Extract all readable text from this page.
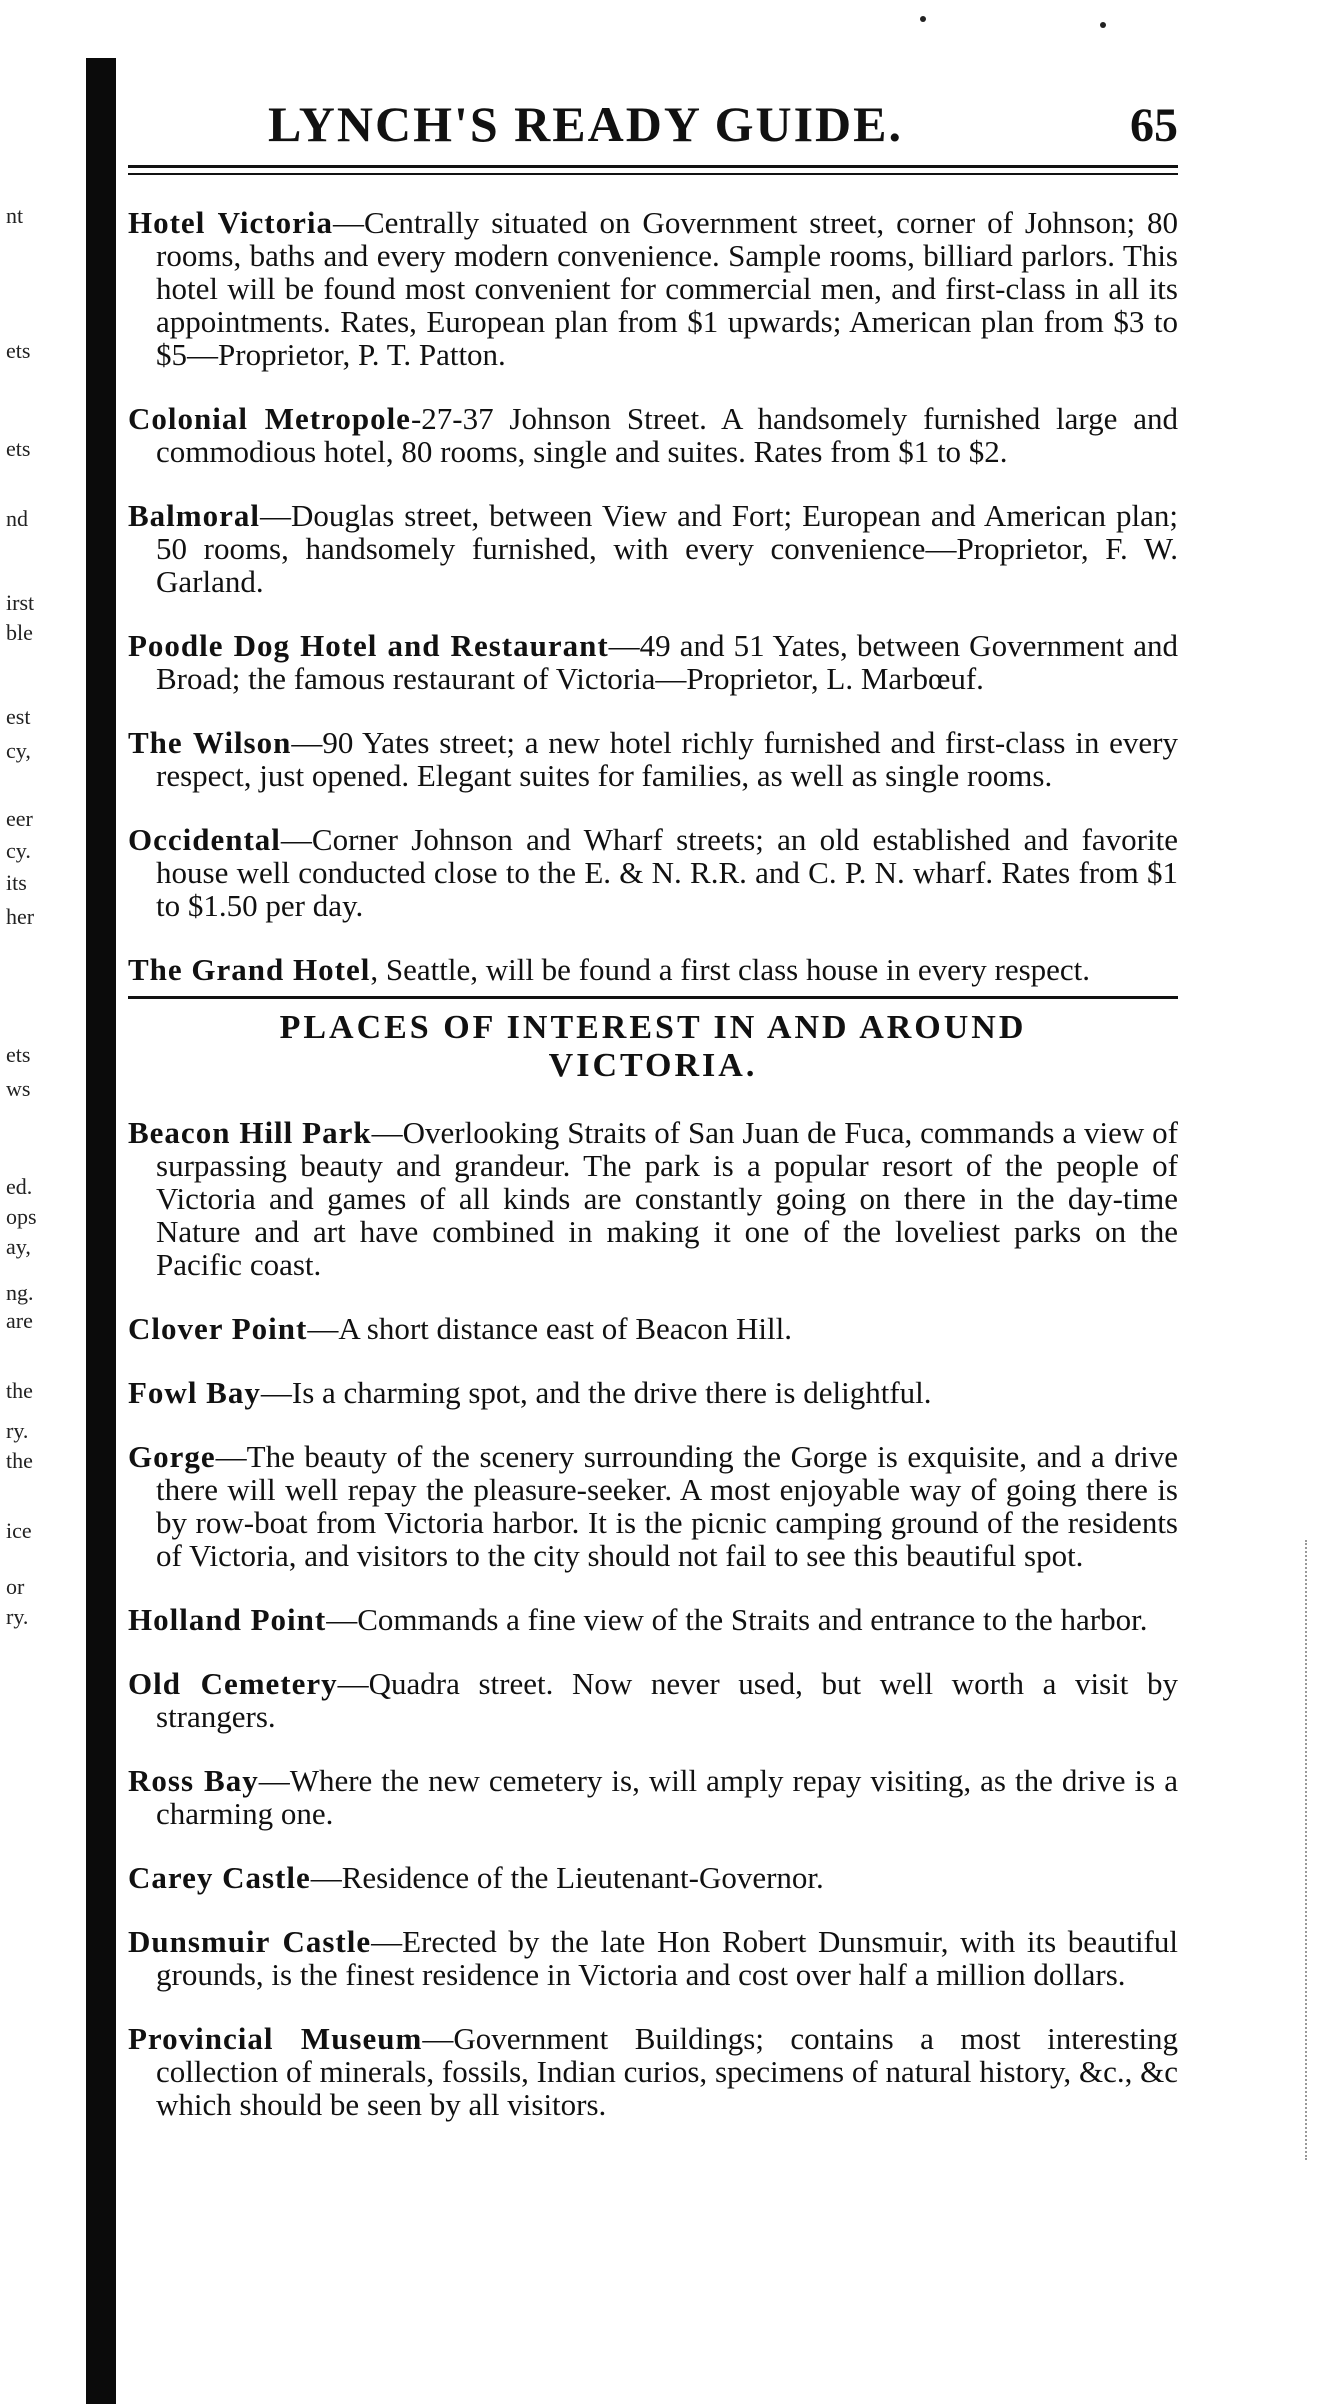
nt
ets
ets
nd
irst
ble
est
cy,
eer
cy.
its
her
ets
ws
ed.
ops
ay,
ng.
are
the
ry.
the
ice
or
ry.
LYNCH'S READY GUIDE.	65

Hotel Victoria—Centrally situated on Government street, corner of Johnson; 80 rooms, baths and every modern convenience. Sample rooms, billiard parlors. This hotel will be found most convenient for commercial men, and first-class in all its appointments. Rates, European plan from $1 upwards; American plan from $3 to $5—Proprietor, P. T. Patton.

Colonial Metropole-27-37 Johnson Street. A handsomely furnished large and commodious hotel, 80 rooms, single and suites. Rates from $1 to $2.

Balmoral—Douglas street, between View and Fort; European and American plan; 50 rooms, handsomely furnished, with every convenience—Proprietor, F. W. Garland.

Poodle Dog Hotel and Restaurant—49 and 51 Yates, between Government and Broad; the famous restaurant of Victoria—Proprietor, L. Marbœuf.

The Wilson—90 Yates street; a new hotel richly furnished and first-class in every respect, just opened. Elegant suites for families, as well as single rooms.

Occidental—Corner Johnson and Wharf streets; an old established and favorite house well conducted close to the E. & N. R.R. and C. P. N. wharf. Rates from $1 to $1.50 per day.

The Grand Hotel, Seattle, will be found a first class house in every respect.

PLACES OF INTEREST IN AND AROUND
VICTORIA.

Beacon Hill Park—Overlooking Straits of San Juan de Fuca, commands a view of surpassing beauty and grandeur. The park is a popular resort of the people of Victoria and games of all kinds are constantly going on there in the day-time Nature and art have combined in making it one of the loveliest parks on the Pacific coast.

Clover Point—A short distance east of Beacon Hill.

Fowl Bay—Is a charming spot, and the drive there is delightful.

Gorge—The beauty of the scenery surrounding the Gorge is exquisite, and a drive there will well repay the pleasure-seeker. A most enjoyable way of going there is by row-boat from Victoria harbor. It is the picnic camping ground of the residents of Victoria, and visitors to the city should not fail to see this beautiful spot.

Holland Point—Commands a fine view of the Straits and entrance to the harbor.

Old Cemetery—Quadra street. Now never used, but well worth a visit by strangers.

Ross Bay—Where the new cemetery is, will amply repay visiting, as the drive is a charming one.

Carey Castle—Residence of the Lieutenant-Governor.

Dunsmuir Castle—Erected by the late Hon Robert Dunsmuir, with its beautiful grounds, is the finest residence in Victoria and cost over half a million dollars.

Provincial Museum—Government Buildings; contains a most interesting collection of minerals, fossils, Indian curios, specimens of natural history, &c., &c which should be seen by all visitors.
